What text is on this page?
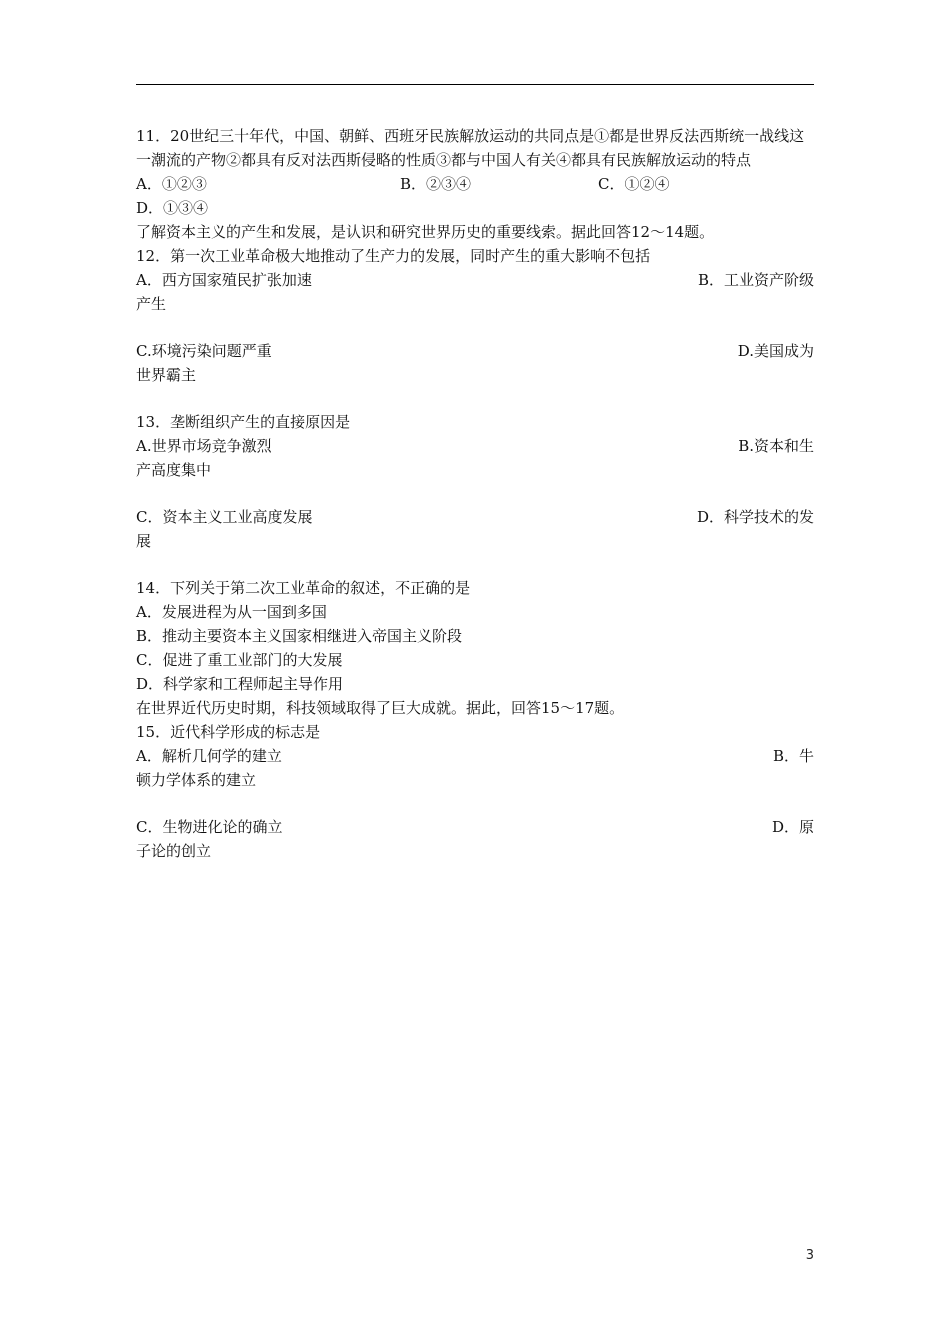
11．20世纪三十年代，中国、朝鲜、西班牙民族解放运动的共同点是①都是世界反法西斯统一战线这一潮流的产物②都具有反对法西斯侵略的性质③都与中国人有关④都具有民族解放运动的特点

A．①②③	B．②③④	C．①②④

D．①③④

了解资本主义的产生和发展，是认识和研究世界历史的重要线索。据此回答12～14题。

12．第一次工业革命极大地推动了生产力的发展，同时产生的重大影响不包括

A．西方国家殖民扩张加速	B．工业资产阶级
产生
C.环境污染问题严重	D.美国成为
世界霸主

13．垄断组织产生的直接原因是

A.世界市场竞争激烈	B.资本和生
产高度集中
C．资本主义工业高度发展	D．科学技术的发
展

14．下列关于第二次工业革命的叙述，不正确的是

A．发展进程为从一国到多国

B．推动主要资本主义国家相继进入帝国主义阶段

C．促进了重工业部门的大发展

D．科学家和工程师起主导作用

在世界近代历史时期，科技领域取得了巨大成就。据此，回答15～17题。

15．近代科学形成的标志是

A．解析几何学的建立	B．牛
顿力学体系的建立
C．生物进化论的确立	D．原
子论的创立
3
